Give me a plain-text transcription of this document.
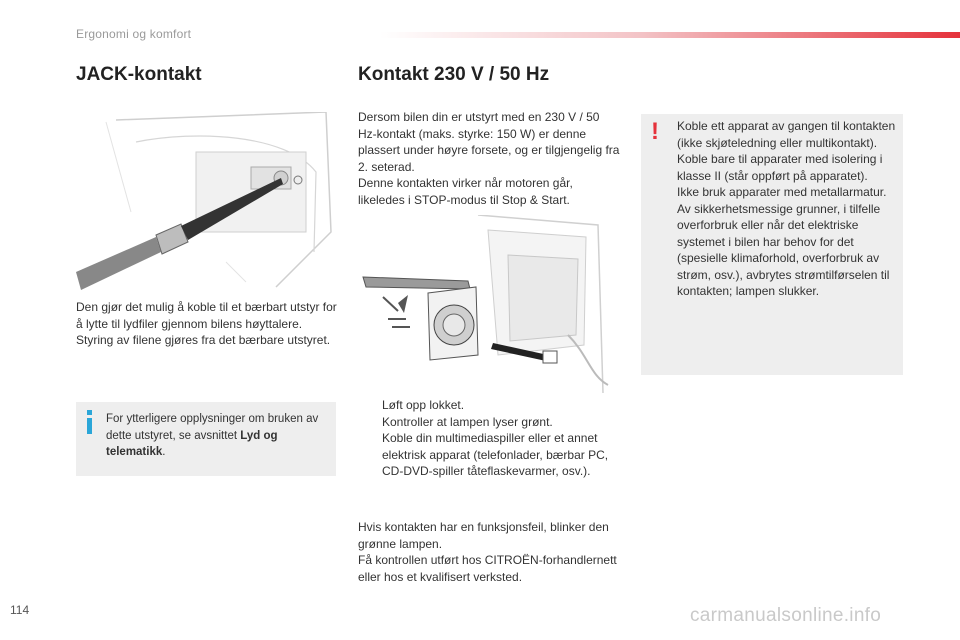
Ergonomi og komfort
JACK-kontakt

Den gjør det mulig å koble til et bærbart utstyr for å lytte til lydfiler gjennom bilens høyttalere. Styring av filene gjøres fra det bærbare utstyret.

For ytterligere opplysninger om bruken av dette utstyret, se avsnittet Lyd og telematikk.

Kontakt 230 V / 50 Hz

Dersom bilen din er utstyrt med en 230 V / 50 Hz-kontakt (maks. styrke: 150 W) er denne plassert under høyre forsete, og er tilgjengelig fra 2. seterad.

Denne kontakten virker når motoren går, likeledes i STOP-modus til Stop & Start.

Løft opp lokket.
Kontroller at lampen lyser grønt.
Koble din multimediaspiller eller et annet elektrisk apparat (telefonlader, bærbar PC, CD-DVD-spiller tåteflaskevarmer, osv.).

Hvis kontakten har en funksjonsfeil, blinker den grønne lampen.

Få kontrollen utført hos CITROËN-forhandlernett eller hos et kvalifisert verksted.

! Koble ett apparat av gangen til kontakten (ikke skjøteledning eller multikontakt).

Koble bare til apparater med isolering i klasse II (står oppført på apparatet).

Ikke bruk apparater med metallarmatur.

Av sikkerhetsmessige grunner, i tilfelle overforbruk eller når det elektriske systemet i bilen har behov for det (spesielle klimaforhold, overforbruk av strøm, osv.), avbrytes strømtilførselen til kontakten; lampen slukker.

114	carmanualsonline.info
